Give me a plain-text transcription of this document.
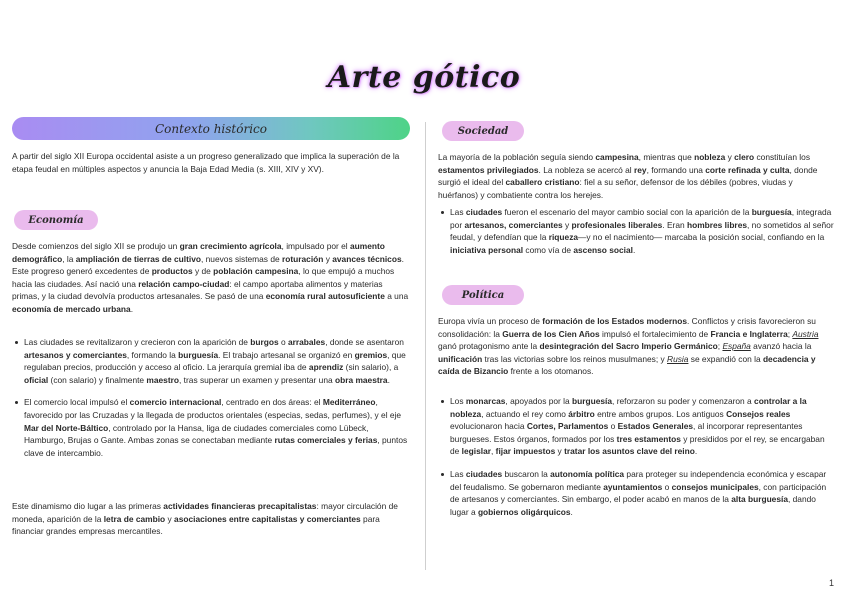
Arte gótico
Contexto histórico

A partir del siglo XII Europa occidental asiste a un progreso generalizado que implica la superación de la etapa feudal en múltiples aspectos y anuncia la Baja Edad Media (s. XIII, XIV y XV).

Economía

Desde comienzos del siglo XII se produjo un gran crecimiento agrícola, impulsado por el aumento demográfico, la ampliación de tierras de cultivo, nuevos sistemas de roturación y avances técnicos. Este progreso generó excedentes de productos y de población campesina, lo que empujó a muchos hacia las ciudades. Así nació una relación campo-ciudad: el campo aportaba alimentos y materias primas, y la ciudad devolvía productos artesanales. Se pasó de una economía rural autosuficiente a una economía de mercado urbana.

Las ciudades se revitalizaron y crecieron con la aparición de burgos o arrabales, donde se asentaron artesanos y comerciantes, formando la burguesía. El trabajo artesanal se organizó en gremios, que regulaban precios, producción y acceso al oficio. La jerarquía gremial iba de aprendiz (sin salario), a oficial (con salario) y finalmente maestro, tras superar un examen y presentar una obra maestra.
El comercio local impulsó el comercio internacional, centrado en dos áreas: el Mediterráneo, favorecido por las Cruzadas y la llegada de productos orientales (especias, sedas, perfumes), y el eje Mar del Norte-Báltico, controlado por la Hansa, liga de ciudades comerciales como Lübeck, Hamburgo, Brujas o Gante. Ambas zonas se conectaban mediante rutas comerciales y ferias, puntos clave de intercambio.

Este dinamismo dio lugar a las primeras actividades financieras precapitalistas: mayor circulación de moneda, aparición de la letra de cambio y asociaciones entre capitalistas y comerciantes para financiar grandes empresas mercantiles.

Sociedad

La mayoría de la población seguía siendo campesina, mientras que nobleza y clero constituían los estamentos privilegiados. La nobleza se acercó al rey, formando una corte refinada y culta, donde surgió el ideal del caballero cristiano: fiel a su señor, defensor de los débiles (pobres, viudas y huérfanos) y combatiente contra los herejes.

Las ciudades fueron el escenario del mayor cambio social con la aparición de la burguesía, integrada por artesanos, comerciantes y profesionales liberales. Eran hombres libres, no sometidos al señor feudal, y defendían que la riqueza—y no el nacimiento— marcaba la posición social, confiando en la iniciativa personal como vía de ascenso social.
Política

Europa vivía un proceso de formación de los Estados modernos. Conflictos y crisis favorecieron su consolidación: la Guerra de los Cien Años impulsó el fortalecimiento de Francia e Inglaterra; Austria ganó protagonismo ante la desintegración del Sacro Imperio Germánico; España avanzó hacia la unificación tras las victorias sobre los reinos musulmanes; y Rusia se expandió con la decadencia y caída de Bizancio frente a los otomanos.

Los monarcas, apoyados por la burguesía, reforzaron su poder y comenzaron a controlar a la nobleza, actuando el rey como árbitro entre ambos grupos. Los antiguos Consejos reales evolucionaron hacia Cortes, Parlamentos o Estados Generales, al incorporar representantes burgueses. Estos órganos, formados por los tres estamentos y presididos por el rey, se encargaban de legislar, fijar impuestos y tratar los asuntos clave del reino.
Las ciudades buscaron la autonomía política para proteger su independencia económica y escapar del feudalismo. Se gobernaron mediante ayuntamientos o consejos municipales, con participación de artesanos y comerciantes. Sin embargo, el poder acabó en manos de la alta burguesía, dando lugar a gobiernos oligárquicos.
1
